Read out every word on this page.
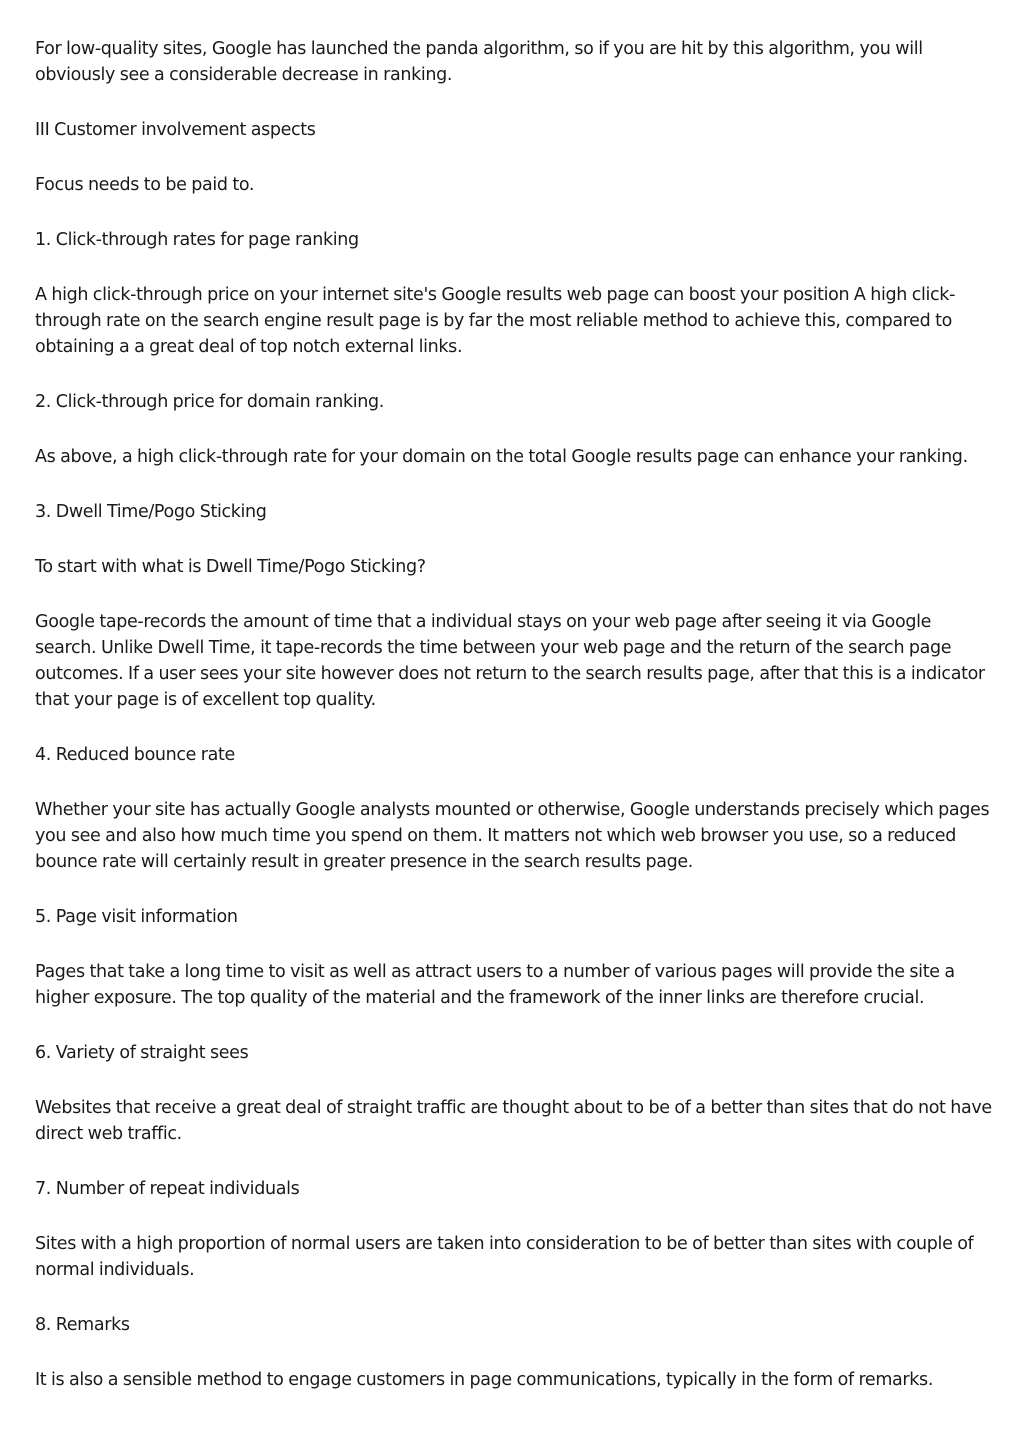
For low-quality sites, Google has launched the panda algorithm, so if you are hit by this algorithm, you will obviously see a considerable decrease in ranking.

III Customer involvement aspects

Focus needs to be paid to.

1. Click-through rates for page ranking

A high click-through price on your internet site's Google results web page can boost your position A high click-through rate on the search engine result page is by far the most reliable method to achieve this, compared to obtaining a a great deal of top notch external links.

2. Click-through price for domain ranking.

As above, a high click-through rate for your domain on the total Google results page can enhance your ranking.

3. Dwell Time/Pogo Sticking

To start with what is Dwell Time/Pogo Sticking?

Google tape-records the amount of time that a individual stays on your web page after seeing it via Google search. Unlike Dwell Time, it tape-records the time between your web page and the return of the search page outcomes. If a user sees your site however does not return to the search results page, after that this is a indicator that your page is of excellent top quality.

4. Reduced bounce rate

Whether your site has actually Google analysts mounted or otherwise, Google understands precisely which pages you see and also how much time you spend on them. It matters not which web browser you use, so a reduced bounce rate will certainly result in greater presence in the search results page.

5. Page visit information

Pages that take a long time to visit as well as attract users to a number of various pages will provide the site a higher exposure. The top quality of the material and the framework of the inner links are therefore crucial.

6. Variety of straight sees

Websites that receive a great deal of straight traffic are thought about to be of a better than sites that do not have direct web traffic.

7. Number of repeat individuals

Sites with a high proportion of normal users are taken into consideration to be of better than sites with couple of normal individuals.

8. Remarks

It is also a sensible method to engage customers in page communications, typically in the form of remarks.
